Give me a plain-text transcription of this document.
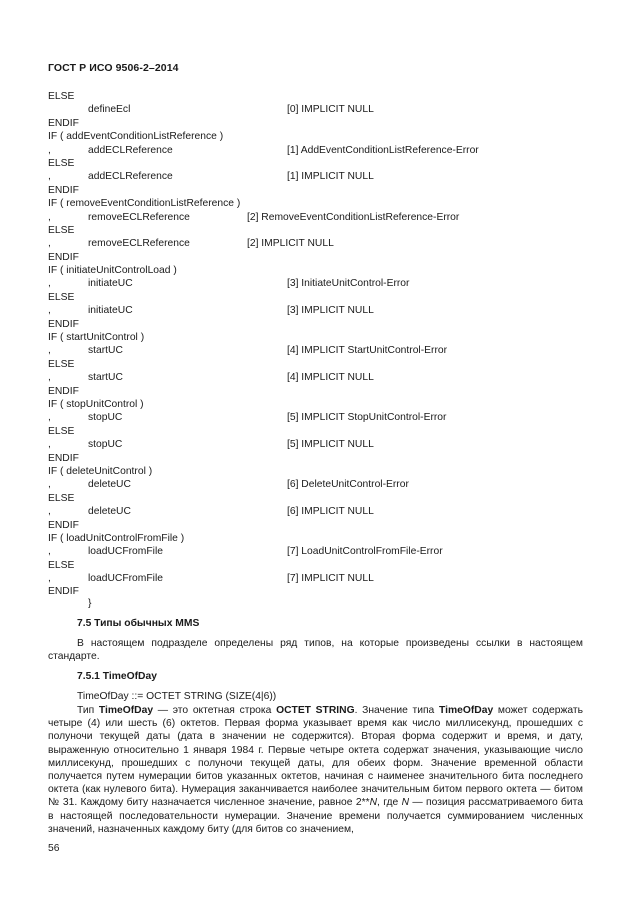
ГОСТ Р ИСО 9506-2–2014
ELSE
defineEcl	[0] IMPLICIT NULL
ENDIF
IF ( addEventConditionListReference )
,	addECLReference	[1] AddEventConditionListReference-Error
ELSE
,	addECLReference	[1] IMPLICIT NULL
ENDIF
IF ( removeEventConditionListReference )
,	removeECLReference	[2] RemoveEventConditionListReference-Error
ELSE
,	removeECLReference	[2] IMPLICIT NULL
ENDIF
IF ( initiateUnitControlLoad )
,	initiateUC	[3] InitiateUnitControl-Error
ELSE
,	initiateUC	[3] IMPLICIT NULL
ENDIF
IF ( startUnitControl )
,	startUC	[4] IMPLICIT StartUnitControl-Error
ELSE
,	startUC	[4] IMPLICIT NULL
ENDIF
IF ( stopUnitControl )
,	stopUC	[5] IMPLICIT StopUnitControl-Error
ELSE
,	stopUC	[5] IMPLICIT NULL
ENDIF
IF ( deleteUnitControl )
,	deleteUC	[6] DeleteUnitControl-Error
ELSE
,	deleteUC	[6] IMPLICIT NULL
ENDIF
IF ( loadUnitControlFromFile )
,	loadUCFromFile	[7] LoadUnitControlFromFile-Error
ELSE
,	loadUCFromFile	[7] IMPLICIT NULL
ENDIF
}
7.5 Типы обычных MMS

В настоящем подразделе определены ряд типов, на которые произведены ссылки в настоящем стандарте.

7.5.1 TimeOfDay
TimeOfDay ::= OCTET STRING (SIZE(4|6))

Тип TimeOfDay — это октетная строка OCTET STRING. Значение типа TimeOfDay может содержать четыре (4) или шесть (6) октетов. Первая форма указывает время как число миллисекунд, прошедших с полуночи текущей даты (дата в значении не содержится). Вторая форма содержит и время, и дату, выраженную относительно 1 января 1984 г. Первые четыре октета содержат значения, указывающие число миллисекунд, прошедших с полуночи текущей даты, для обеих форм. Значение временной области получается путем нумерации битов указанных октетов, начиная с наименее значительного бита последнего октета (как нулевого бита). Нумерация заканчивается наиболее значительным битом первого октета — битом № 31. Каждому биту назначается численное значение, равное 2**N, где N — позиция рассматриваемого бита в настоящей последовательности нумерации. Значение времени получается суммированием численных значений, назначенных каждому биту (для битов со значением,

56
